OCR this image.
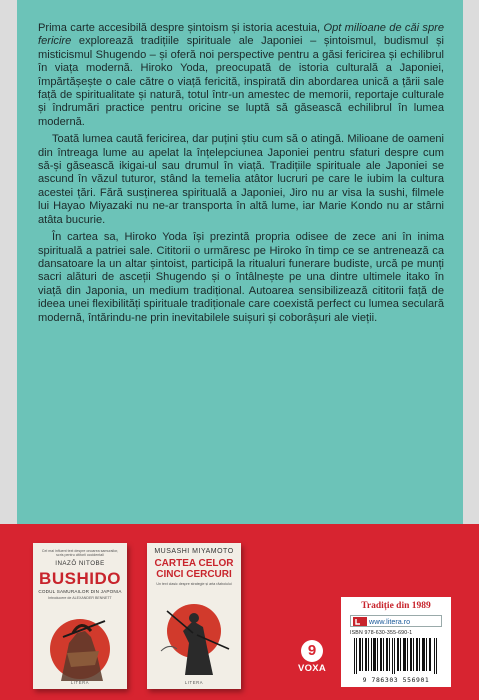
Prima carte accesibilă despre șintoism și istoria acestuia, Opt milioane de căi spre fericire explorează tradițiile spirituale ale Japoniei – șintoismul, budismul și misticismul Shugendo – și oferă noi perspective pentru a găsi fericirea și echilibrul în viața modernă. Hiroko Yoda, preocupată de istoria culturală a Japoniei, împărtășește o cale către o viață fericită, inspirată din abordarea unică a țării sale față de spiritualitate și natură, totul într-un amestec de memorii, reportaje culturale și îndrumări practice pentru oricine se luptă să găsească echilibrul în lumea modernă.

Toată lumea caută fericirea, dar puțini știu cum să o atingă. Milioane de oameni din întreaga lume au apelat la înțelepciunea Japoniei pentru sfaturi despre cum să-și găsească ikigai-ul sau drumul în viață. Tradițiile spirituale ale Japoniei se ascund în văzul tuturor, stând la temelia atâtor lucruri pe care le iubim la cultura acestei țări. Fără susținerea spirituală a Japoniei, Jiro nu ar visa la sushi, filmele lui Hayao Miyazaki nu ne-ar transporta în altă lume, iar Marie Kondo nu ar stârni atâta bucurie.

În cartea sa, Hiroko Yoda își prezintă propria odisee de zece ani în inima spirituală a patriei sale. Cititorii o urmăresc pe Hiroko în timp ce se antrenează ca dansatoare la un altar șintoist, participă la ritualuri funerare budiste, urcă pe munți sacri alături de asceții Shugendo și o întâlnește pe una dintre ultimele itako în viață din Japonia, un medium tradițional. Autoarea sensibilizează cititorii față de ideea unei flexibilități spirituale tradiționale care coexistă perfect cu lumea seculară modernă, întărindu-ne prin inevitabilele suișuri și coborâșuri ale vieții.

Cel mai influent text despre onoarea samurailor, scris pentru cititorii occidentali
INAZŌ NITOBE
BUSHIDO
CODUL SAMURAILOR DIN JAPONIA
Introducere de ALEXANDER BENNETT
LITERA
MUSASHI MIYAMOTO
CARTEA CELOR
CINCI CERCURI
Un text clasic despre strategie și arta războiului
LITERA
9
VOXA
Tradiție din 1989
www.litera.ro
ISBN 978-630-355-690-1
9 786303 556901
